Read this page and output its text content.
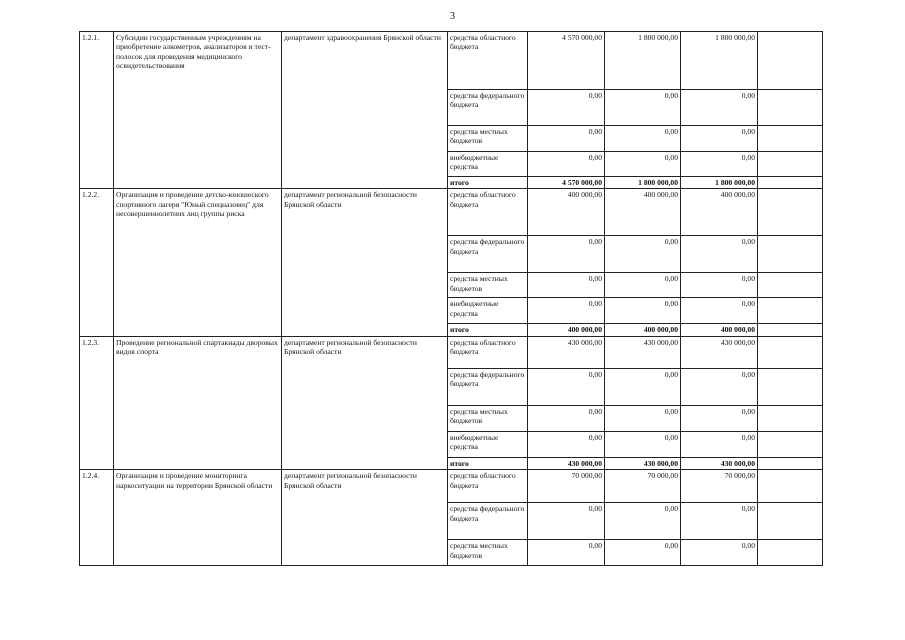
3
1.2.1.	Субсидии государственным учреждениям на приобретение алкометров, анализаторов и тест-полосок для проведения медицинского освидетельствования	департамент здравоохранения Брянской области	средства областного бюджета	4 570 000,00	1 800 000,00	1 800 000,00	
			средства федерального бюджета	0,00	0,00	0,00	
			средства местных бюджетов	0,00	0,00	0,00	
			внебюджетные средства	0,00	0,00	0,00	
			итого	4 570 000,00	1 800 000,00	1 800 000,00	
1.2.2.	Организация и проведение детско-юношеского спортивного лагеря "Юный спецназовец" для несовершеннолетних лиц группы риска	департамент региональной безопасности Брянской области	средства областного бюджета	400 000,00	400 000,00	400 000,00	
			средства федерального бюджета	0,00	0,00	0,00	
			средства местных бюджетов	0,00	0,00	0,00	
			внебюджетные средства	0,00	0,00	0,00	
			итого	400 000,00	400 000,00	400 000,00	
1.2.3.	Проведение региональной спартакиады дворовых видов спорта	департамент региональной безопасности Брянской области	средства областного бюджета	430 000,00	430 000,00	430 000,00	
			средства федерального бюджета	0,00	0,00	0,00	
			средства местных бюджетов	0,00	0,00	0,00	
			внебюджетные средства	0,00	0,00	0,00	
			итого	430 000,00	430 000,00	430 000,00	
1.2.4.	Организация и проведение мониторинга наркоситуации на территории Брянской области	департамент региональной безопасности Брянской области	средства областного бюджета	70 000,00	70 000,00	70 000,00	
			средства федерального бюджета	0,00	0,00	0,00	
			средства местных бюджетов	0,00	0,00	0,00	
